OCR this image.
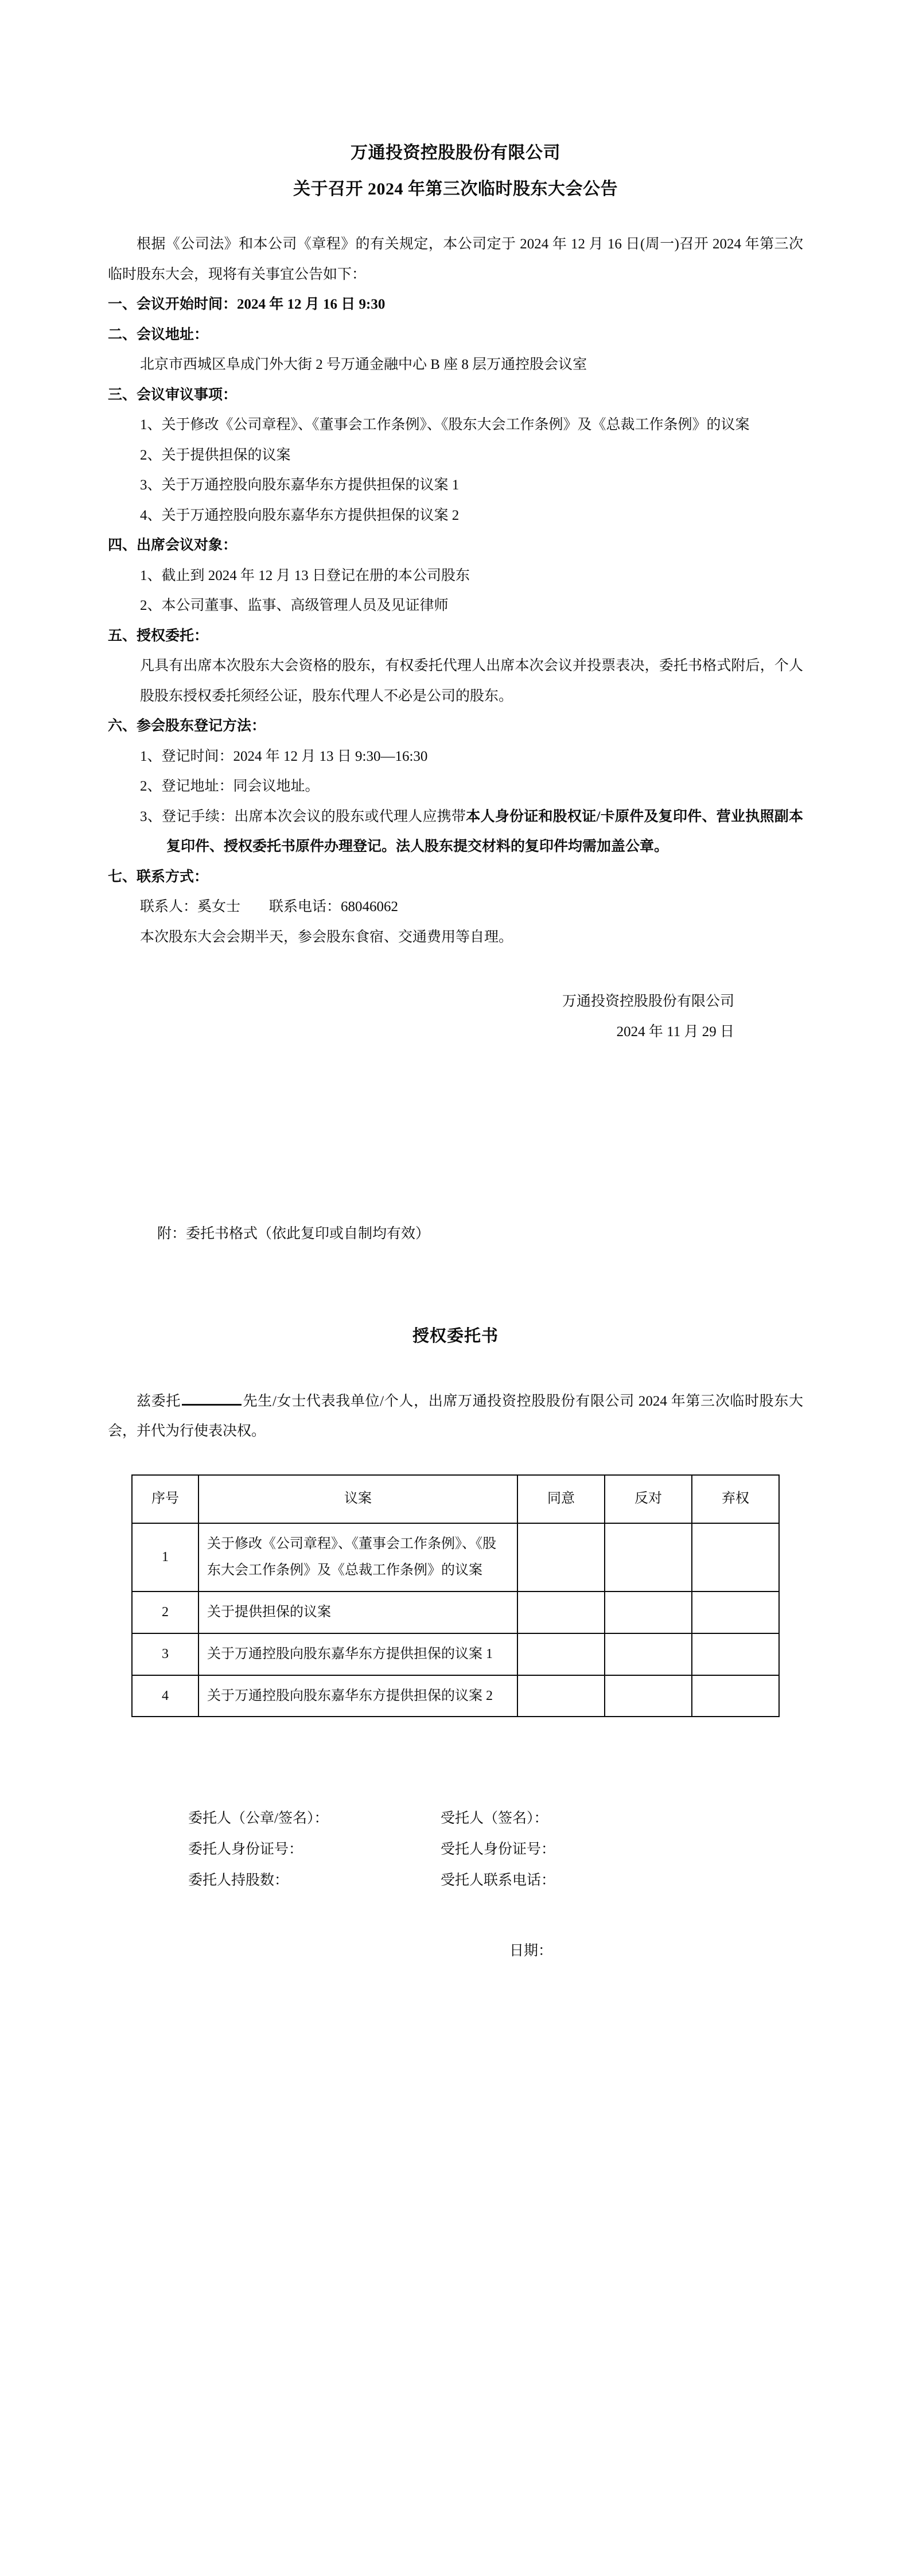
万通投资控股股份有限公司
关于召开 2024 年第三次临时股东大会公告

根据《公司法》和本公司《章程》的有关规定，本公司定于 2024 年 12 月 16 日(周一)召开 2024 年第三次临时股东大会，现将有关事宜公告如下：

一、会议开始时间：2024 年 12 月 16 日 9:30

二、会议地址：

北京市西城区阜成门外大街 2 号万通金融中心 B 座 8 层万通控股会议室

三、会议审议事项：

1、关于修改《公司章程》、《董事会工作条例》、《股东大会工作条例》及《总裁工作条例》的议案

2、关于提供担保的议案

3、关于万通控股向股东嘉华东方提供担保的议案 1

4、关于万通控股向股东嘉华东方提供担保的议案 2

四、出席会议对象：

1、截止到 2024 年 12 月 13 日登记在册的本公司股东

2、本公司董事、监事、高级管理人员及见证律师

五、授权委托：

凡具有出席本次股东大会资格的股东，有权委托代理人出席本次会议并投票表决，委托书格式附后，个人股股东授权委托须经公证，股东代理人不必是公司的股东。

六、参会股东登记方法：

1、登记时间：2024 年 12 月 13 日 9:30—16:30

2、登记地址：同会议地址。

3、登记手续：出席本次会议的股东或代理人应携带本人身份证和股权证/卡原件及复印件、营业执照副本复印件、授权委托书原件办理登记。法人股东提交材料的复印件均需加盖公章。

七、联系方式：

联系人：奚女士　　联系电话：68046062

本次股东大会会期半天，参会股东食宿、交通费用等自理。

万通投资控股股份有限公司
2024 年 11 月 29 日

附：委托书格式（依此复印或自制均有效）

授权委托书

兹委托	先生/女士代表我单位/个人，出席万通投资控股股份有限公司 2024 年第三次临时股东大会，并代为行使表决权。

序号	议案	同意	反对	弃权
1	关于修改《公司章程》、《董事会工作条例》、《股东大会工作条例》及《总裁工作条例》的议案			
2	关于提供担保的议案			
3	关于万通控股向股东嘉华东方提供担保的议案 1			
4	关于万通控股向股东嘉华东方提供担保的议案 2			
委托人（公章/签名）：
委托人身份证号：
委托人持股数：
受托人（签名）：
受托人身份证号：
受托人联系电话：
日期：
